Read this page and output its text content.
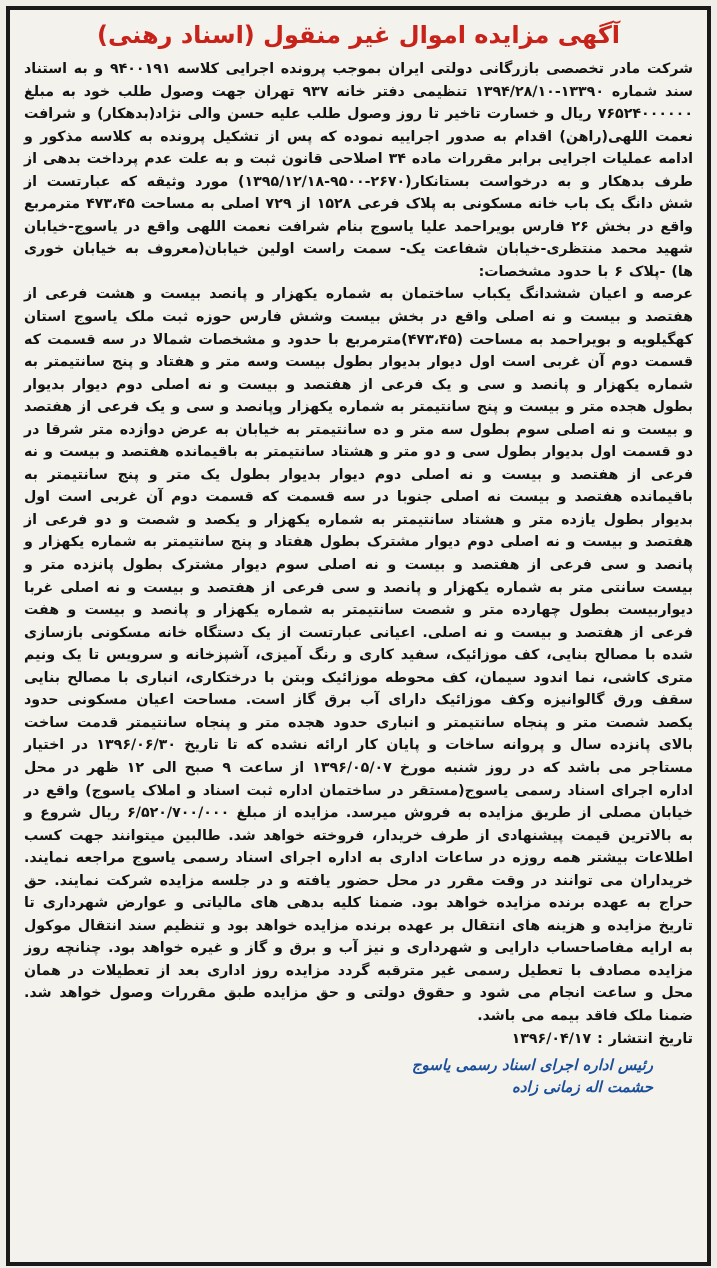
آگهی مزایده اموال غیر منقول (اسناد رهنی)

شرکت مادر تخصصی بازرگانی دولتی ایران بموجب پرونده اجرایی کلاسه ۹۴۰۰۱۹۱ و به استناد سند شماره ۱۳۳۹۰-۱۳۹۴/۲۸/۱۰ تنظیمی دفتر خانه ۹۳۷ تهران جهت وصول طلب خود به مبلغ ۷۶۵۲۴۰۰۰۰۰۰ ریال و خسارت تاخیر تا روز وصول طلب علیه حسن والی نژاد(بدهکار) و شرافت نعمت اللهی(راهن) اقدام به صدور اجراییه نموده که پس از تشکیل پرونده به کلاسه مذکور و ادامه عملیات اجرایی برابر مقررات ماده ۳۴ اصلاحی قانون ثبت و به علت عدم پرداخت بدهی از طرف بدهکار و به درخواست بستانکار(۲۶۷۰-۹۵۰۰-۱۳۹۵/۱۲/۱۸) مورد وثیقه که عبارتست از شش دانگ یک باب خانه مسکونی به پلاک فرعی ۱۵۲۸ از ۷۲۹ اصلی به مساحت ۴۷۳،۴۵ مترمربع واقع در بخش ۲۶ فارس بویراحمد علیا یاسوج بنام شرافت نعمت اللهی واقع در یاسوج-خیابان شهید محمد منتظری-خیابان شفاعت یک- سمت راست اولین خیابان(معروف به خیابان خوری ها) -پلاک ۶ با حدود مشخصات:

عرصه و اعیان ششدانگ یکباب ساختمان به شماره یکهزار و پانصد بیست و هشت فرعی از هفتصد و بیست و نه اصلی واقع در بخش بیست وشش فارس حوزه ثبت ملک یاسوج استان کهگیلویه و بویراحمد به مساحت (۴۷۳،۴۵)مترمربع با حدود و مشخصات شمالا در سه قسمت که قسمت دوم آن غربی است اول دیوار بدیوار بطول بیست وسه متر و هفتاد و پنج سانتیمتر به شماره یکهزار و پانصد و سی و یک فرعی از هفتصد و بیست و نه اصلی دوم دیوار بدیوار بطول هجده متر و بیست و پنج سانتیمتر به شماره یکهزار وپانصد و سی و یک فرعی از هفتصد و بیست و نه اصلی سوم بطول سه متر و ده سانتیمتر به خیابان به عرض دوازده متر شرقا در دو قسمت اول بدیوار بطول سی و دو متر و هشتاد سانتیمتر به باقیمانده هفتصد و بیست و نه فرعی از هفتصد و بیست و نه اصلی دوم دیوار بدیوار بطول یک متر و پنج سانتیمتر به باقیمانده هفتصد و بیست نه اصلی جنوبا در سه قسمت که قسمت دوم آن غربی است اول بدیوار بطول یازده متر و هشتاد سانتیمتر به شماره یکهزار و یکصد و شصت و دو فرعی از هفتصد و بیست و نه اصلی دوم دیوار مشترک بطول هفتاد و پنج سانتیمتر به شماره یکهزار و پانصد و سی فرعی از هفتصد و بیست و نه اصلی سوم دیوار مشترک بطول پانزده متر و بیست سانتی متر به شماره یکهزار و پانصد و سی فرعی از هفتصد و بیست و نه اصلی غربا دیواربیست بطول چهارده متر و شصت سانتیمتر به شماره یکهزار و پانصد و بیست و هفت فرعی از هفتصد و بیست و نه اصلی. اعیانی عبارتست از یک دستگاه خانه مسکونی بازسازی شده با مصالح بنایی، کف موزائیک، سفید کاری و رنگ آمیزی، آشپزخانه و سرویس تا یک ونیم متری کاشی، نما اندود سیمان، کف محوطه موزائیک وبتن با درختکاری، انباری با مصالح بنایی سقف ورق گالوانیزه وکف موزائیک دارای آب برق گاز است. مساحت اعیان مسکونی حدود یکصد شصت متر و پنجاه سانتیمتر و انباری حدود هجده متر و پنجاه سانتیمتر قدمت ساخت بالای پانزده سال و پروانه ساخات و پایان کار ارائه نشده که تا تاریخ ۱۳۹۶/۰۶/۳۰ در اختیار مستاجر می باشد که در روز شنبه مورخ ۱۳۹۶/۰۵/۰۷ از ساعت ۹ صبح الی ۱۲ ظهر در محل اداره اجرای اسناد رسمی یاسوج(مستقر در ساختمان اداره ثبت اسناد و املاک یاسوج) واقع در خیابان مصلی از طریق مزایده به فروش میرسد. مزایده از مبلغ ۶/۵۲۰/۷۰۰/۰۰۰ ریال شروع و به بالاترین قیمت پیشنهادی از طرف خریدار، فروخته خواهد شد. طالبین میتوانند جهت کسب اطلاعات بیشتر همه روزه در ساعات اداری به اداره اجرای اسناد رسمی یاسوج مراجعه نمایند. خریداران می توانند در وقت مقرر در محل حضور یافته و در جلسه مزایده شرکت نمایند. حق حراج به عهده برنده مزایده خواهد بود. ضمنا کلیه بدهی های مالیاتی و عوارض شهرداری تا تاریخ مزایده و هزینه های انتقال بر عهده برنده مزایده خواهد بود و تنظیم سند انتقال موکول به ارایه مفاصاحساب دارایی و شهرداری و نیز آب و برق و گاز و غیره خواهد بود. چنانچه روز مزایده مصادف با تعطیل رسمی غیر مترقبه گردد مزایده روز اداری بعد از تعطیلات در همان محل و ساعت انجام می شود و حقوق دولتی و حق مزایده طبق مقررات وصول خواهد شد. ضمنا ملک فاقد بیمه می باشد.

تاریخ انتشار : ۱۳۹۶/۰۴/۱۷

رئیس اداره اجرای اسناد رسمی یاسوج
حشمت اله زمانی زاده
